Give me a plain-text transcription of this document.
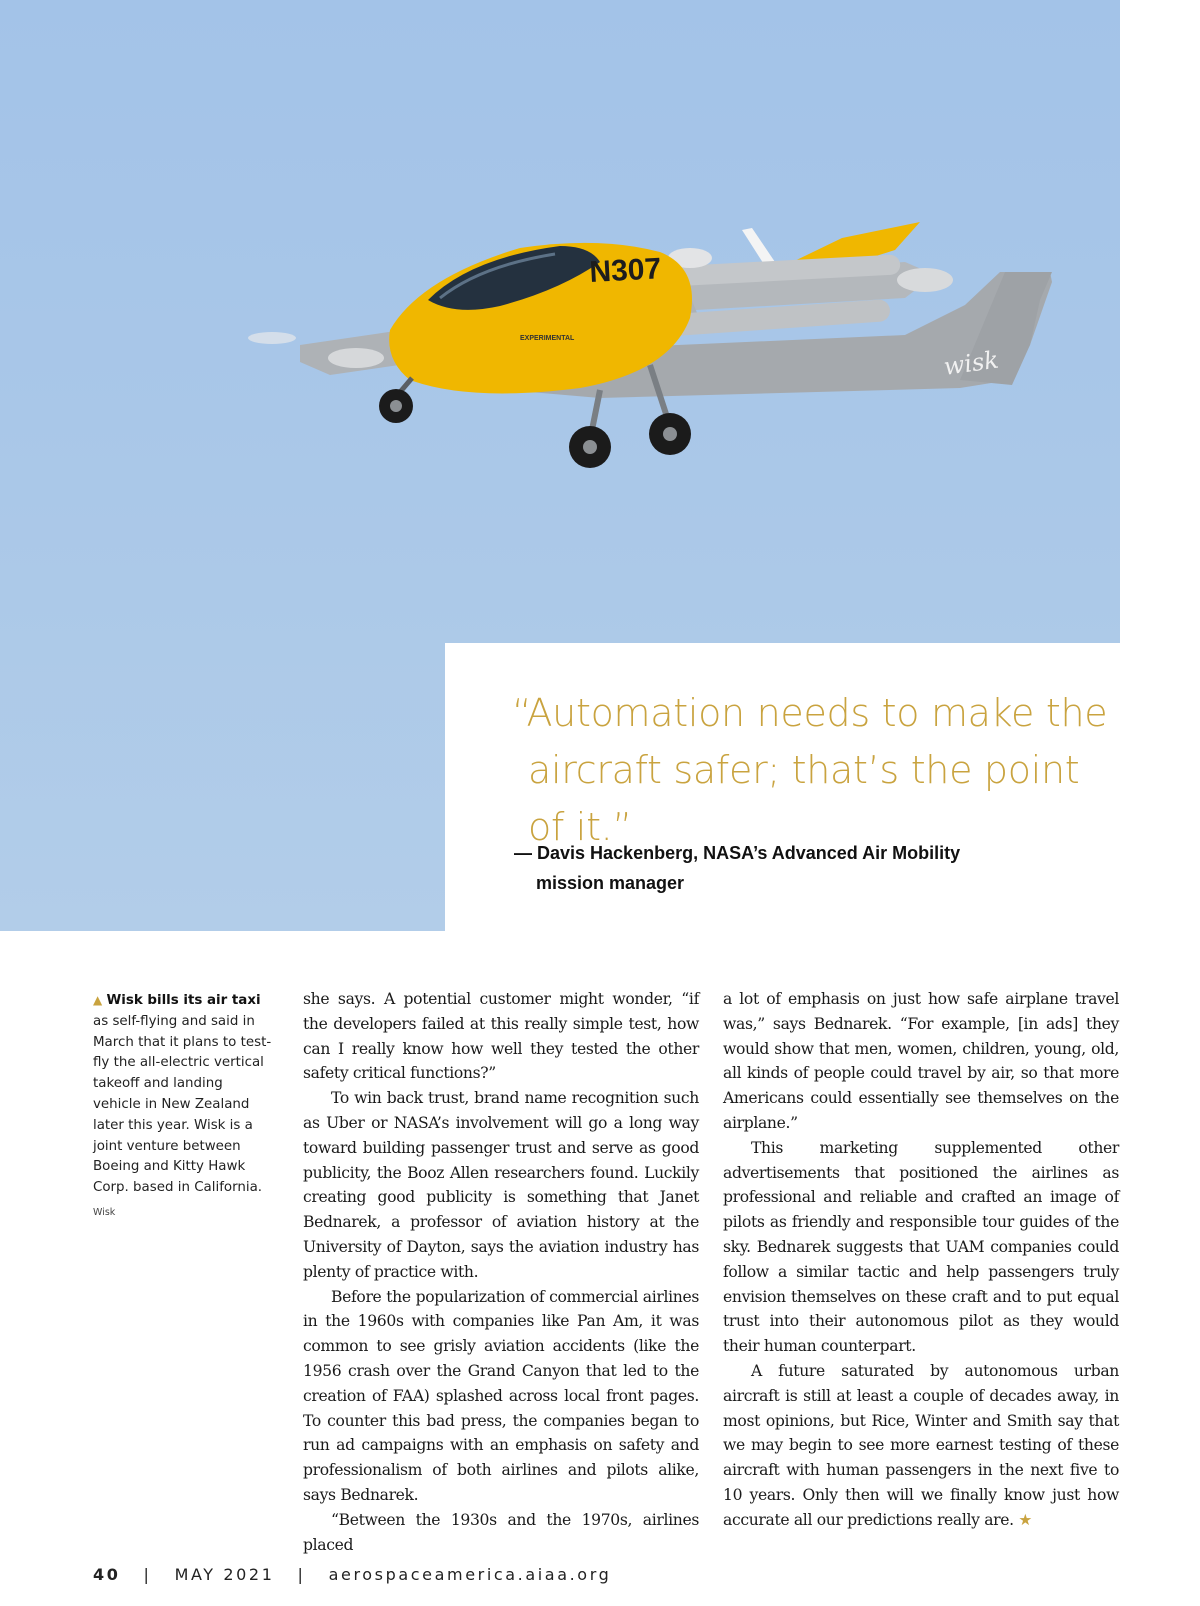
N307
EXPERIMENTAL
wisk

“Automation needs to make the
aircraft safer; that’s the point of it.”

— Davis Hackenberg, NASA’s Advanced Air Mobility
mission manager
▲ Wisk bills its air taxi as self-flying and said in March that it plans to test-fly the all-electric vertical takeoff and landing vehicle in New Zealand later this year. Wisk is a joint venture between Boeing and Kitty Hawk Corp. based in California.
Wisk

she says. A potential customer might wonder, “if the developers failed at this really simple test, how can I really know how well they tested the other safety critical functions?”

To win back trust, brand name recognition such as Uber or NASA’s involvement will go a long way toward building passenger trust and serve as good publicity, the Booz Allen researchers found. Luckily creating good publicity is something that Janet Bednarek, a professor of aviation history at the University of Dayton, says the aviation industry has plenty of practice with.

Before the popularization of commercial airlines in the 1960s with companies like Pan Am, it was common to see grisly aviation accidents (like the 1956 crash over the Grand Canyon that led to the creation of FAA) splashed across local front pages. To counter this bad press, the companies began to run ad campaigns with an emphasis on safety and professionalism of both airlines and pilots alike, says Bednarek.

“Between the 1930s and the 1970s, airlines placed

a lot of emphasis on just how safe airplane travel was,” says Bednarek. “For example, [in ads] they would show that men, women, children, young, old, all kinds of people could travel by air, so that more Americans could essentially see themselves on the airplane.”

This marketing supplemented other advertisements that positioned the airlines as professional and reliable and crafted an image of pilots as friendly and responsible tour guides of the sky. Bednarek suggests that UAM companies could follow a similar tactic and help passengers truly envision themselves on these craft and to put equal trust into their autonomous pilot as they would their human counterpart.

A future saturated by autonomous urban aircraft is still at least a couple of decades away, in most opinions, but Rice, Winter and Smith say that we may begin to see more earnest testing of these aircraft with human passengers in the next five to 10 years. Only then will we finally know just how accurate all our predictions really are. ★

40 | MAY 2021 | aerospaceamerica.aiaa.org
